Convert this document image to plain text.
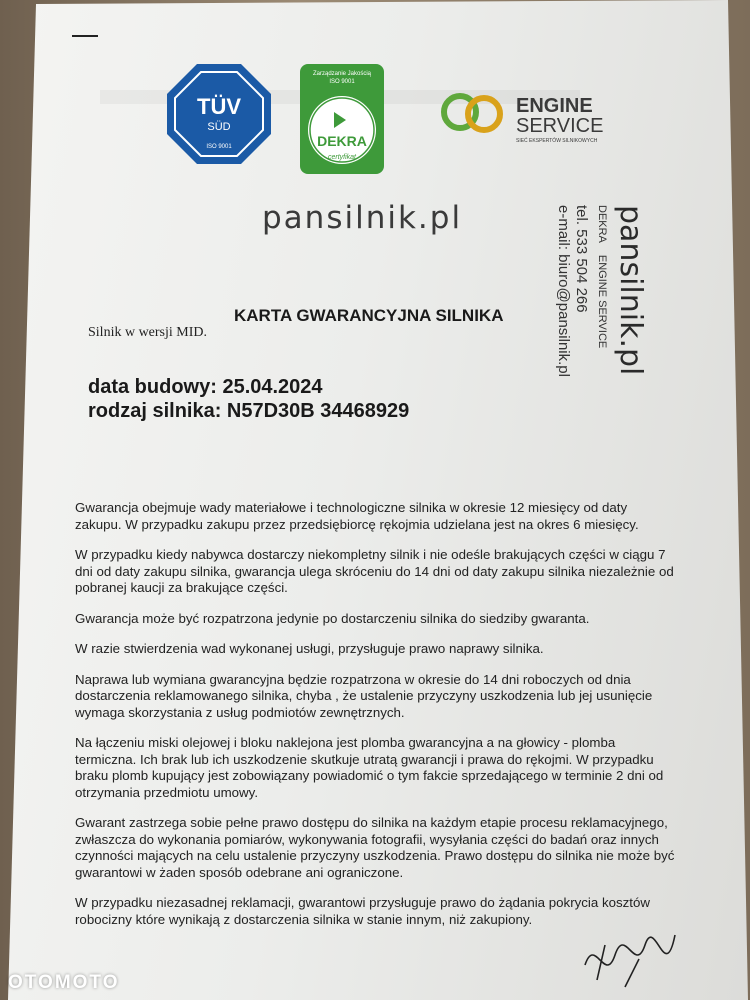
TÜV
SÜD
ISO 9001
Zarządzanie Jakością
ISO 9001
DEKRA
certyfikat
ENGINE
SERVICE
SIEĆ EKSPERTÓW SILNIKOWYCH
pansilnik.pl	pansilnik.pl
DEKRA
ENGINE SERVICE
tel. 533 504 266
e-mail: biuro@pansilnik.pl
KARTA GWARANCYJNA SILNIKA
Silnik w wersji MID.
data budowy: 25.04.2024
rodzaj silnika: N57D30B 34468929

Gwarancja obejmuje wady materiałowe i technologiczne silnika w okresie 12 miesięcy od daty zakupu. W przypadku zakupu przez przedsiębiorcę rękojmia udzielana jest na okres 6 miesięcy.

W przypadku kiedy nabywca dostarczy niekompletny silnik i nie odeśle brakujących części w ciągu 7 dni od daty zakupu silnika, gwarancja ulega skróceniu do 14 dni od daty zakupu silnika niezależnie od pobranej kaucji za brakujące części.

Gwarancja może być rozpatrzona jedynie po dostarczeniu silnika do siedziby gwaranta.

W razie stwierdzenia wad wykonanej usługi, przysługuje prawo naprawy silnika.

Naprawa lub wymiana gwarancyjna będzie rozpatrzona w okresie do 14 dni roboczych od dnia dostarczenia reklamowanego silnika, chyba , że ustalenie przyczyny uszkodzenia lub jej usunięcie wymaga skorzystania z usług podmiotów zewnętrznych.

Na łączeniu miski olejowej i bloku naklejona jest plomba gwarancyjna a na głowicy - plomba termiczna. Ich brak lub ich uszkodzenie skutkuje utratą gwarancji i prawa do rękojmi. W przypadku braku plomb kupujący jest zobowiązany powiadomić o tym fakcie sprzedającego w terminie 2 dni od otrzymania przedmiotu umowy.

Gwarant zastrzega sobie pełne prawo dostępu do silnika na każdym etapie procesu reklamacyjnego, zwłaszcza do wykonania pomiarów, wykonywania fotografii, wysyłania części do badań oraz innych czynności mających na celu ustalenie przyczyny uszkodzenia. Prawo dostępu do silnika nie może być gwarantowi w żaden sposób odebrane ani ograniczone.

W przypadku niezasadnej reklamacji, gwarantowi przysługuje prawo do żądania pokrycia kosztów robocizny które wynikają z dostarczenia silnika w stanie innym, niż zakupiony.

OTOMOTO
